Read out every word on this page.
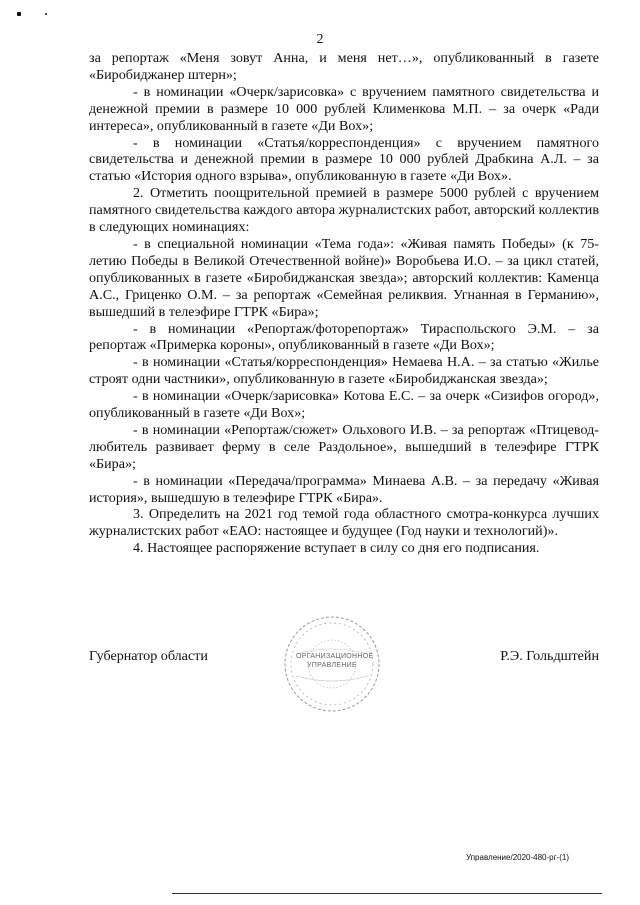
2

за репортаж «Меня зовут Анна, и меня нет…», опубликованный в газете «Биробиджанер штерн»;

- в номинации «Очерк/зарисовка» с вручением памятного свидетельства и денежной премии в размере 10 000 рублей Клименкова М.П. – за очерк «Ради интереса», опубликованный в газете «Ди Вох»;

- в номинации «Статья/корреспонденция» с вручением памятного свидетельства и денежной премии в размере 10 000 рублей Драбкина А.Л. – за статью «История одного взрыва», опубликованную в газете «Ди Вох».

2. Отметить поощрительной премией в размере 5000 рублей с вручением памятного свидетельства каждого автора журналистских работ, авторский коллектив в следующих номинациях:

- в специальной номинации «Тема года»: «Живая память Победы» (к 75-летию Победы в Великой Отечественной войне)» Воробьева И.О. – за цикл статей, опубликованных в газете «Биробиджанская звезда»; авторский коллектив: Каменца А.С., Гриценко О.М. – за репортаж «Семейная реликвия. Угнанная в Германию», вышедший в телеэфире ГТРК «Бира»;

- в номинации «Репортаж/фоторепортаж» Тираспольского Э.М. – за репортаж «Примерка короны», опубликованный в газете «Ди Вох»;

- в номинации «Статья/корреспонденция» Немаева Н.А. – за статью «Жилье строят одни частники», опубликованную в газете «Биробиджанская звезда»;

- в номинации «Очерк/зарисовка» Котова Е.С. – за очерк «Сизифов огород», опубликованный в газете «Ди Вох»;

- в номинации «Репортаж/сюжет» Ольхового И.В. – за репортаж «Птицевод-любитель развивает ферму в селе Раздольное», вышедший в телеэфире ГТРК «Бира»;

- в номинации «Передача/программа» Минаева А.В. – за передачу «Живая история», вышедшую в телеэфире ГТРК «Бира».

3. Определить на 2021 год темой года областного смотра-конкурса лучших журналистских работ «ЕАО: настоящее и будущее (Год науки и технологий)».

4. Настоящее распоряжение вступает в силу со дня его подписания.

ОРГАНИЗАЦИОННОЕ
УПРАВЛЕНИЕ
Губернатор области	Р.Э. Гольдштейн
Управление/2020-480-рг-(1)
